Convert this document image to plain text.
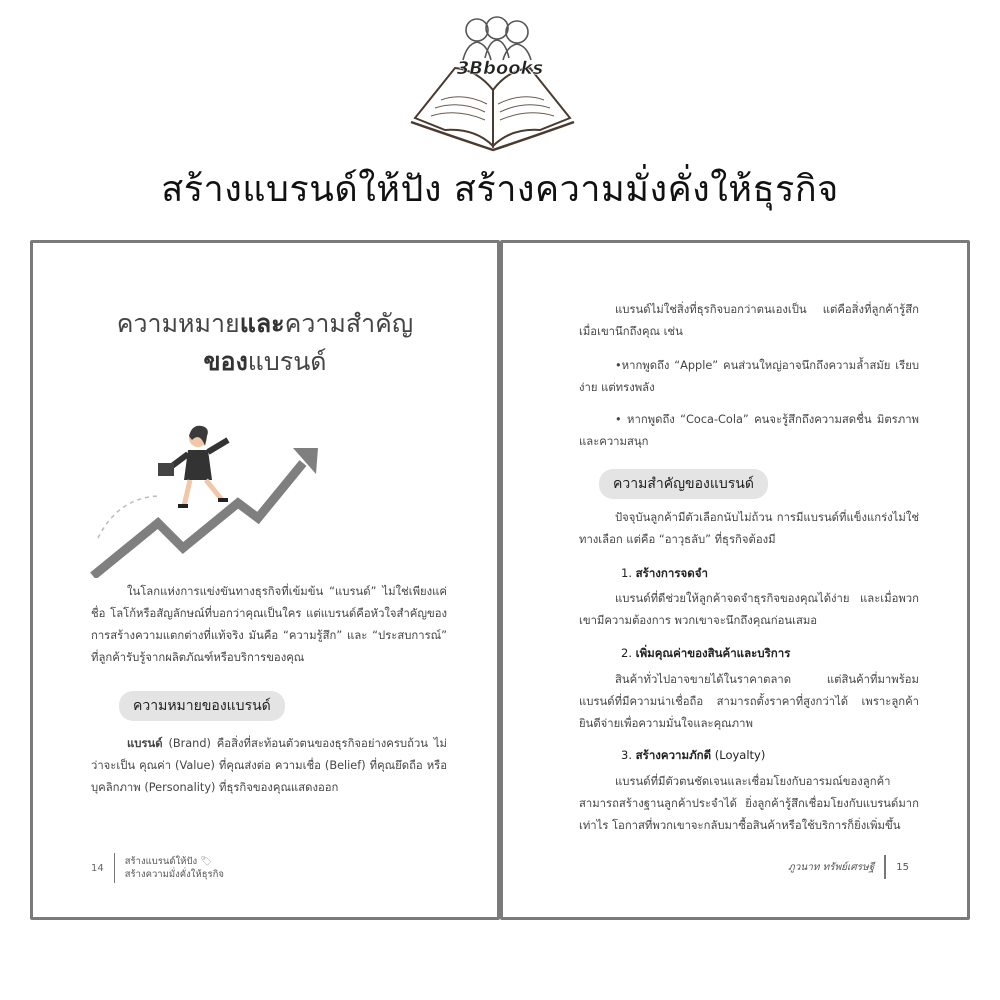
3Bbooks
สร้างแบรนด์ให้ปัง สร้างความมั่งคั่งให้ธุรกิจ
ความหมายและความสำคัญ
ของแบรนด์
ในโลกแห่งการแข่งขันทางธุรกิจที่เข้มข้น “แบรนด์” ไม่ใช่เพียงแค่ชื่อ โลโก้หรือสัญลักษณ์ที่บอกว่าคุณเป็นใคร แต่แบรนด์คือหัวใจสำคัญของการสร้างความแตกต่างที่แท้จริง มันคือ “ความรู้สึก” และ “ประสบการณ์” ที่ลูกค้ารับรู้จากผลิตภัณฑ์หรือบริการของคุณ
ความหมายของแบรนด์
แบรนด์ (Brand) คือสิ่งที่สะท้อนตัวตนของธุรกิจอย่างครบถ้วน ไม่ว่าจะเป็น คุณค่า (Value) ที่คุณส่งต่อ ความเชื่อ (Belief) ที่คุณยึดถือ หรือบุคลิกภาพ (Personality) ที่ธุรกิจของคุณแสดงออก
14
สร้างแบรนด์ให้ปัง 🏷
สร้างความมั่งคั่งให้ธุรกิจ
แบรนด์ไม่ใช่สิ่งที่ธุรกิจบอกว่าตนเองเป็น แต่คือสิ่งที่ลูกค้ารู้สึก เมื่อเขานึกถึงคุณ เช่น
•หากพูดถึง “Apple” คนส่วนใหญ่อาจนึกถึงความล้ำสมัย เรียบง่าย แต่ทรงพลัง
• หากพูดถึง “Coca-Cola” คนจะรู้สึกถึงความสดชื่น มิตรภาพ และความสนุก
ความสำคัญของแบรนด์
ปัจจุบันลูกค้ามีตัวเลือกนับไม่ถ้วน การมีแบรนด์ที่แข็งแกร่งไม่ใช่ทางเลือก แต่คือ “อาวุธลับ” ที่ธุรกิจต้องมี
1. สร้างการจดจำ
แบรนด์ที่ดีช่วยให้ลูกค้าจดจำธุรกิจของคุณได้ง่าย และเมื่อพวกเขามีความต้องการ พวกเขาจะนึกถึงคุณก่อนเสมอ
2. เพิ่มคุณค่าของสินค้าและบริการ
สินค้าทั่วไปอาจขายได้ในราคาตลาด แต่สินค้าที่มาพร้อมแบรนด์ที่มีความน่าเชื่อถือ สามารถตั้งราคาที่สูงกว่าได้ เพราะลูกค้ายินดีจ่ายเพื่อความมั่นใจและคุณภาพ
3. สร้างความภักดี (Loyalty)
แบรนด์ที่มีตัวตนชัดเจนและเชื่อมโยงกับอารมณ์ของลูกค้า สามารถสร้างฐานลูกค้าประจำได้ ยิ่งลูกค้ารู้สึกเชื่อมโยงกับแบรนด์มากเท่าไร โอกาสที่พวกเขาจะกลับมาซื้อสินค้าหรือใช้บริการก็ยิ่งเพิ่มขึ้น
ภูวนาท ทรัพย์เศรษฐี 15
